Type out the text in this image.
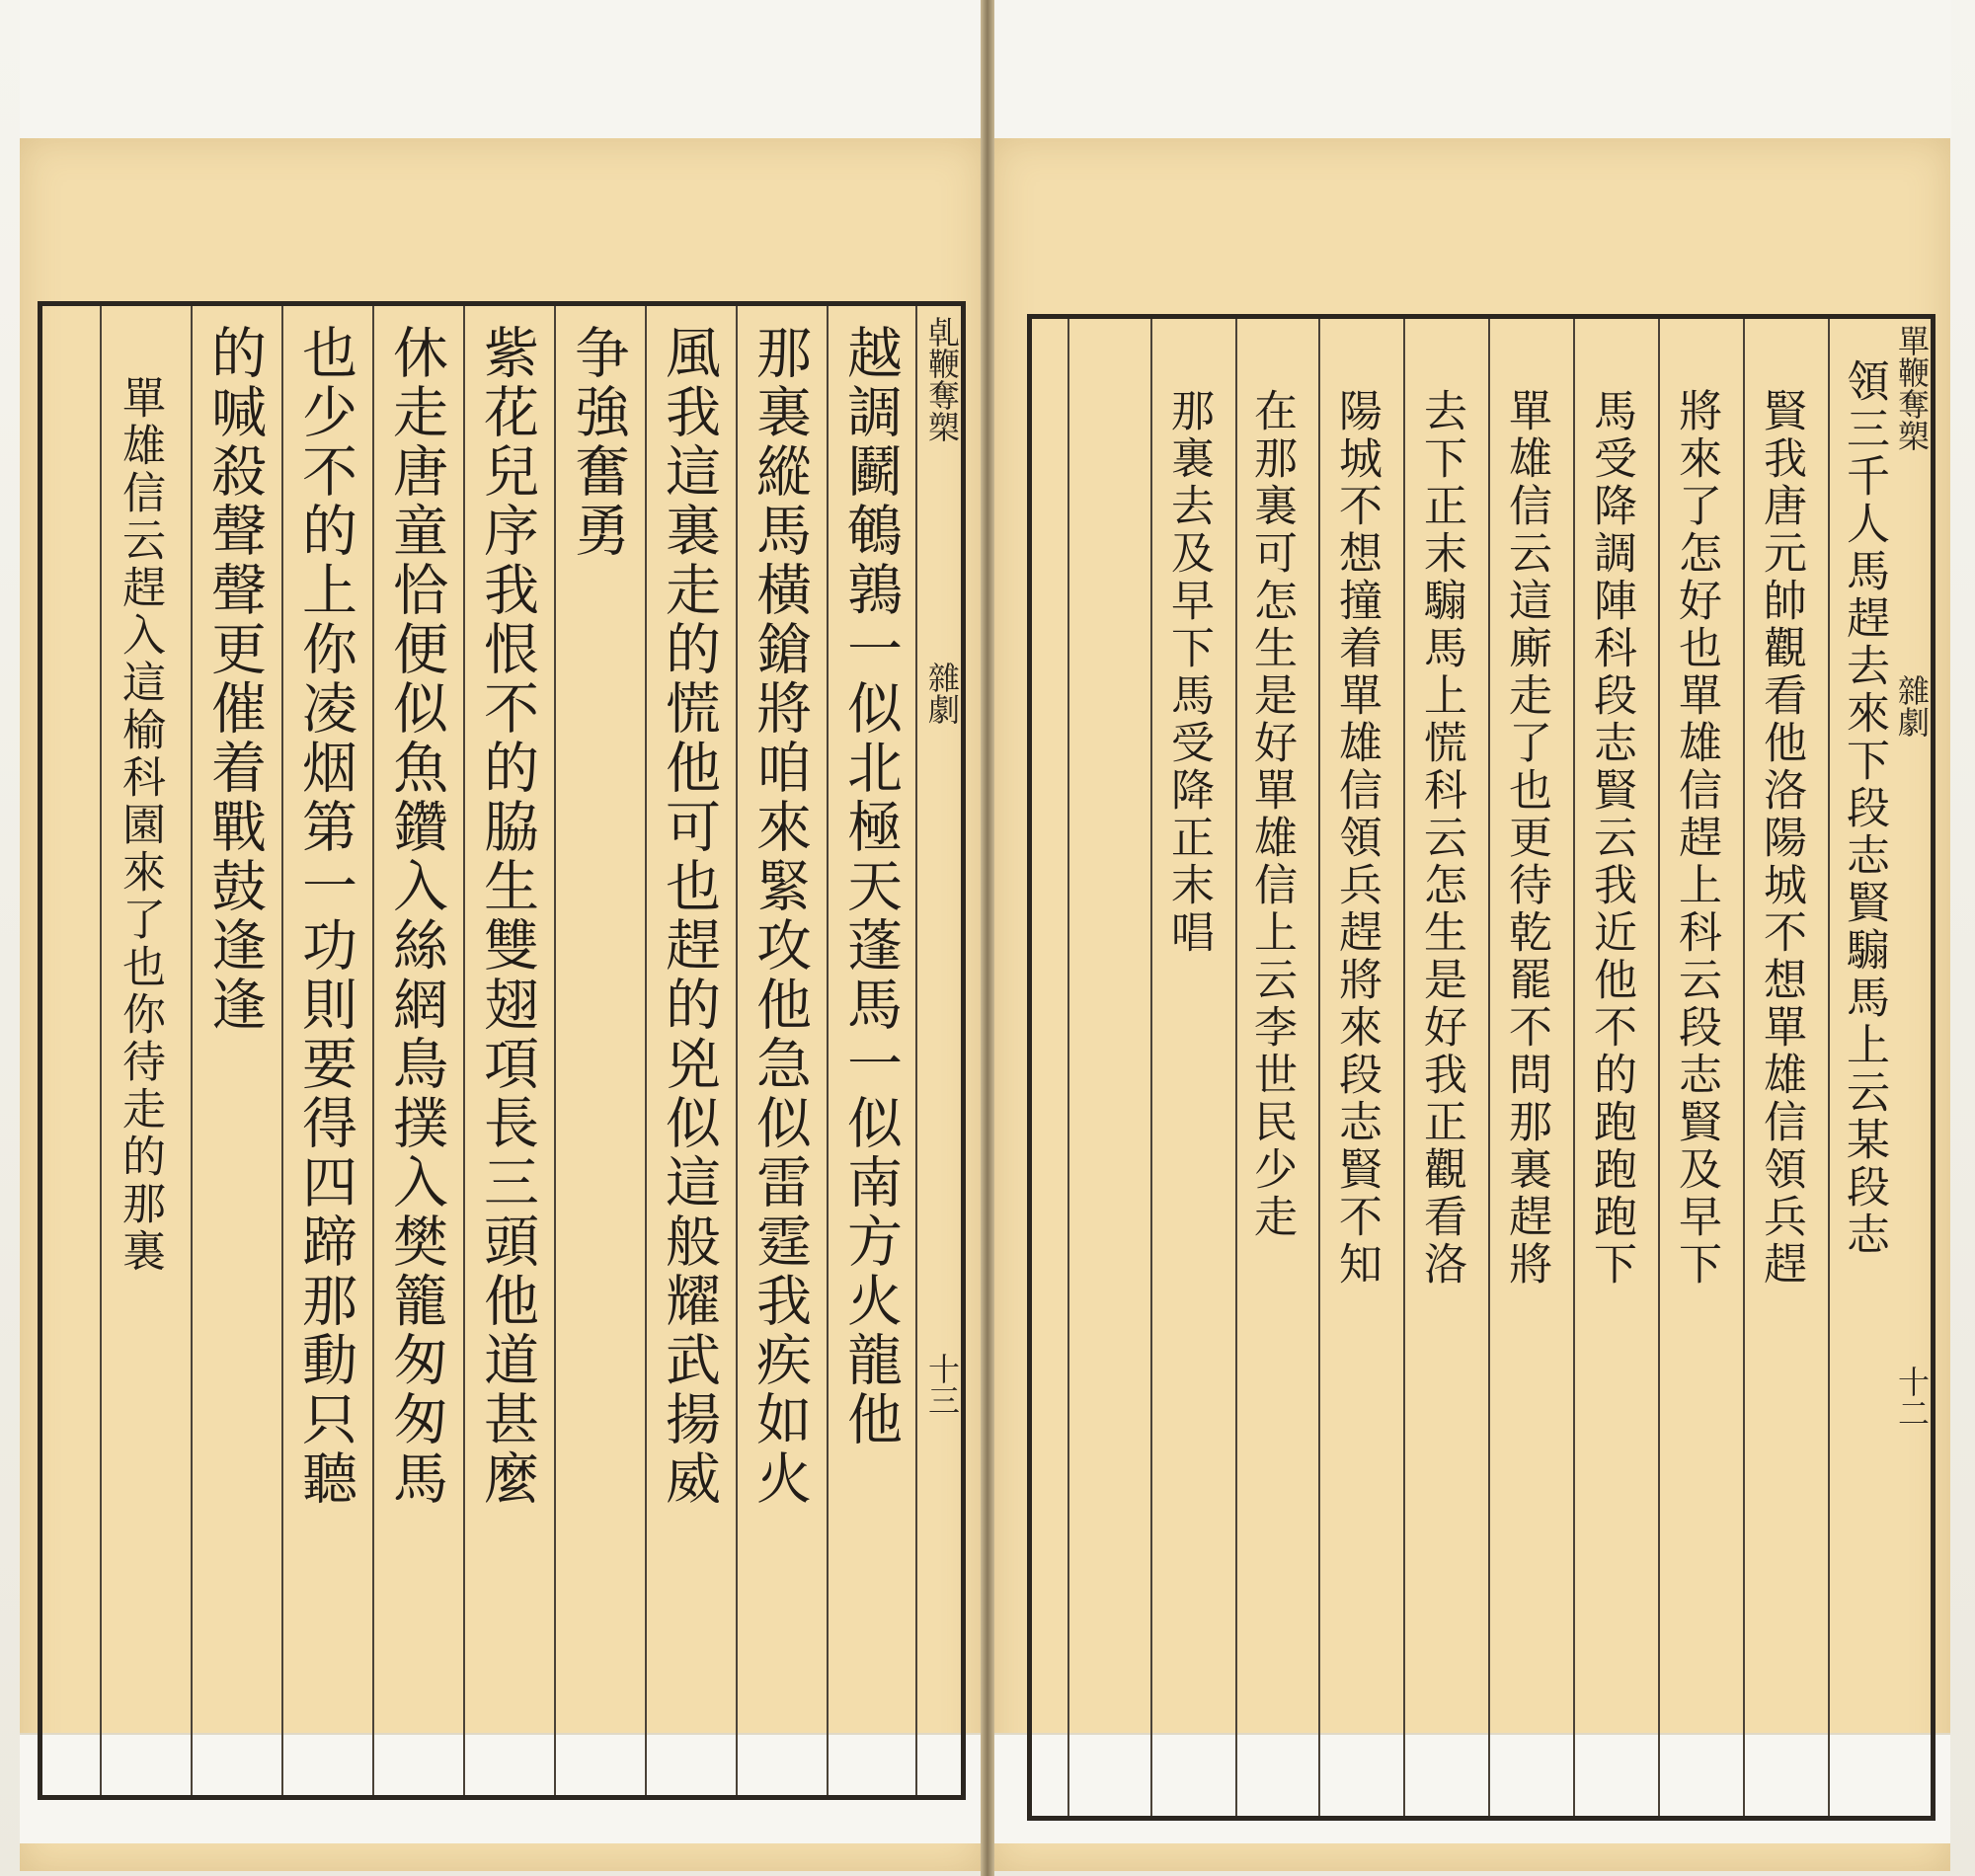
𠃵鞭奪槊
雜劇
十三
越調鬬鵪鶉一似北極天蓬馬一似南方火龍他
那裏縱馬橫鎗將咱來緊攻他急似雷霆我疾如火
風我這裏走的慌他可也趕的兇似這般耀武揚威
争強奮勇
紫花兒序我恨不的脇生雙翅項長三頭他道甚麼
休走唐童恰便似魚鑽入絲網鳥撲入樊籠匆匆馬
也少不的上你凌烟第一功則要得四蹄那動只聽
的喊殺聲聲更催着戰鼓逢逢
單雄信云趕入這榆科園來了也你待走的那裏	單鞭奪槊
雜劇
十二
領三千人馬趕去來下段志賢騸馬上云某段志
賢我唐元帥觀看他洛陽城不想單雄信領兵趕
將來了怎好也單雄信趕上科云段志賢及早下
馬受降調陣科段志賢云我近他不的跑跑跑下
單雄信云這廝走了也更待乾罷不問那裏趕將
去下正末騸馬上慌科云怎生是好我正觀看洛
陽城不想撞着單雄信領兵趕將來段志賢不知
在那裏可怎生是好單雄信上云李世民少走
那裏去及早下馬受降正末唱
